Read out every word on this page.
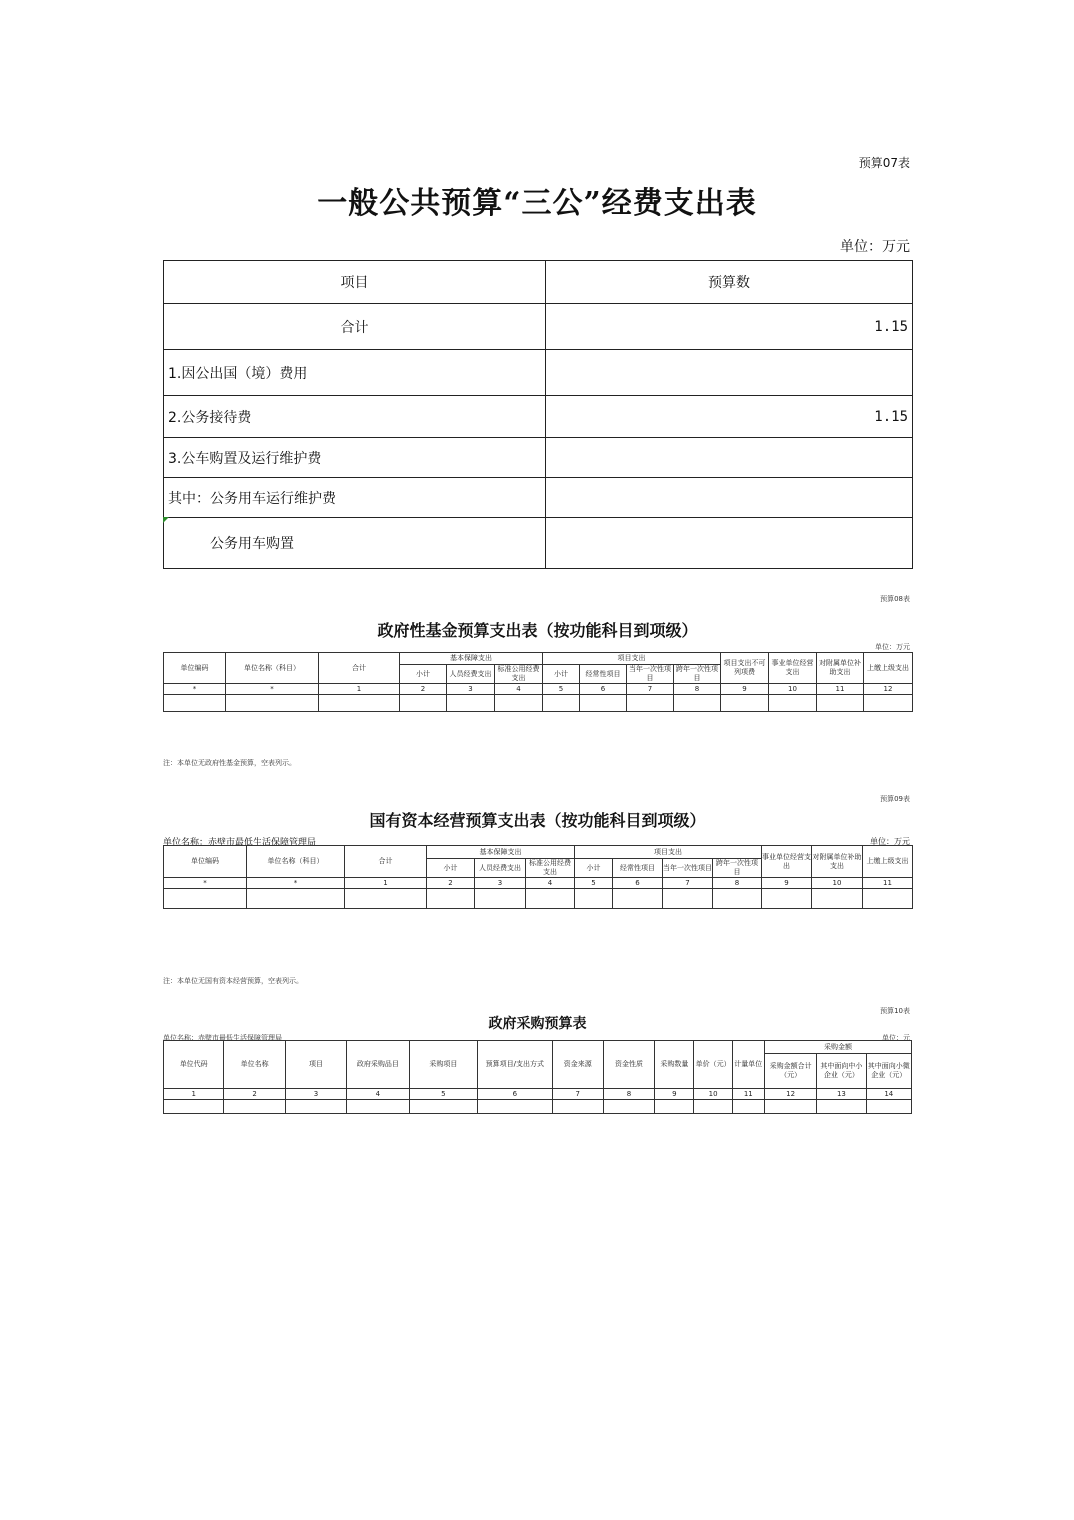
预算07表
一般公共预算“三公”经费支出表
单位：万元
项目	预算数
合计	1.15
1.因公出国（境）费用	
2.公务接待费	1.15
3.公车购置及运行维护费	
其中：公务用车运行维护费	
公务用车购置	
预算08表
政府性基金预算支出表（按功能科目到项级）
单位：万元
单位编码	单位名称（科目）	合计	基本保障支出			项目支出				项目支出不可列项费	事业单位经营支出	对附属单位补助支出	上缴上级支出
			小计	人员经费支出	标准公用经费支出	小计	经常性项目	当年一次性项目	跨年一次性项目				
*	*	1	2	3	4	5	6	7	8	9	10	11	12

注：本单位无政府性基金预算，空表列示。
预算09表
国有资本经营预算支出表（按功能科目到项级）
单位名称：赤壁市最低生活保障管理局	单位：万元
单位编码	单位名称（科目）	合计	基本保障支出			项目支出				事业单位经营支出	对附属单位补助支出	上缴上级支出
			小计	人员经费支出	标准公用经费支出	小计	经常性项目	当年一次性项目	跨年一次性项目			
*	*	1	2	3	4	5	6	7	8	9	10	11

注：本单位无国有资本经营预算，空表列示。
预算10表
政府采购预算表
单位名称：赤壁市最低生活保障管理局	单位：元
单位代码	单位名称	项目	政府采购品目	采购项目	预算项目/支出方式	资金来源	资金性质	采购数量	单价（元）	计量单位	采购金额		
											采购金额合计（元）	其中面向中小企业（元）	其中面向小微企业（元）
1	2	3	4	5	6	7	8	9	10	11	12	13	14
